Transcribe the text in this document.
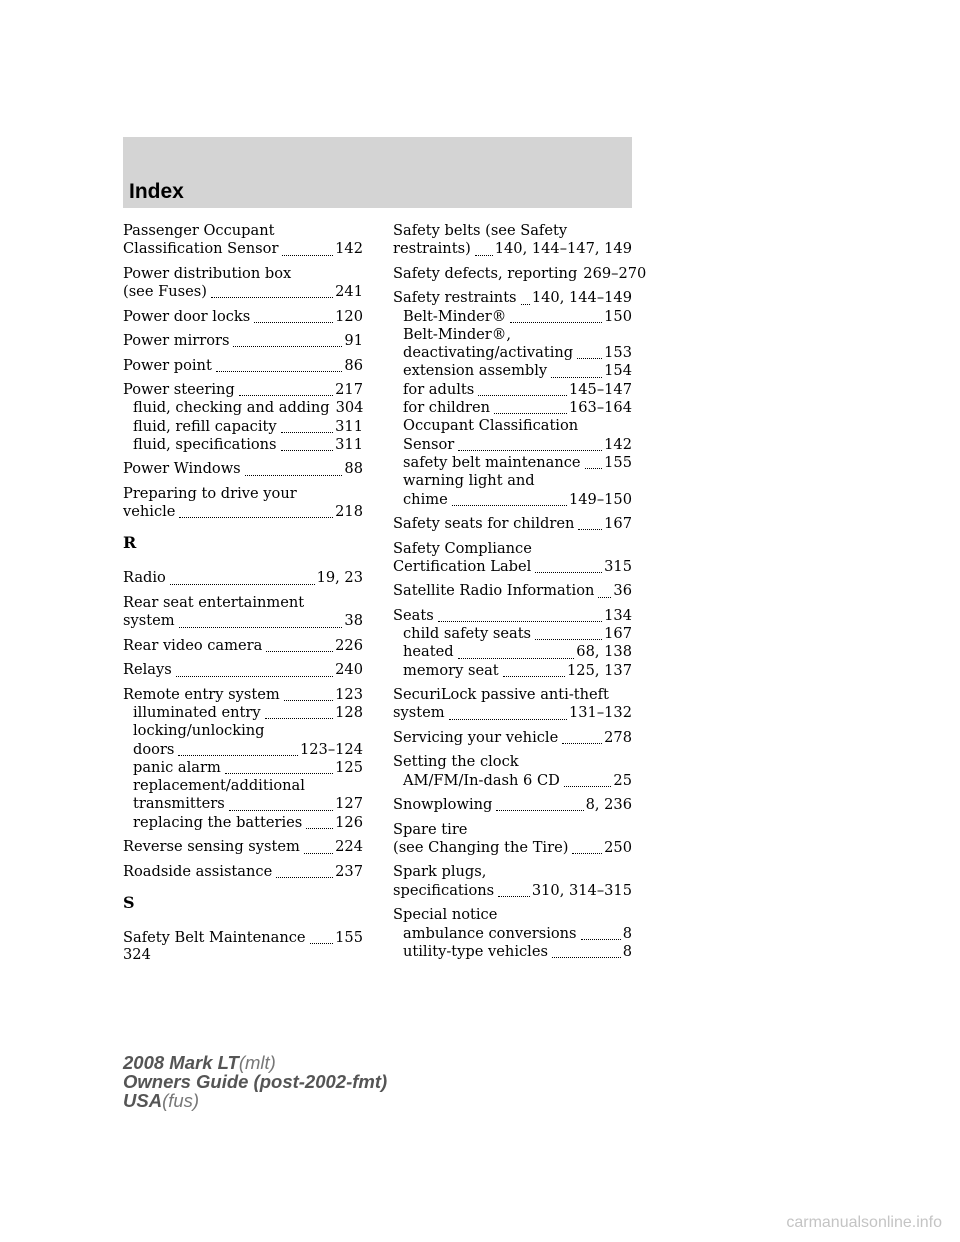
Index
Passenger Occupant
Classification Sensor	142
Power distribution box
(see Fuses)	241
Power door locks	120
Power mirrors	91
Power point	86
Power steering	217
fluid, checking and adding 304
fluid, refill capacity	311
fluid, specifications	311
Power Windows	88
Preparing to drive your
vehicle	218
R
Radio	19, 23
Rear seat entertainment
system	38
Rear video camera	226
Relays	240
Remote entry system	123
illuminated entry	128
locking/unlocking
doors	123–124
panic alarm	125
replacement/additional
transmitters	127
replacing the batteries 126
Reverse sensing system 224
Roadside assistance	237
S
Safety Belt Maintenance 155
Safety belts (see Safety
restraints) 140, 144–147, 149
Safety defects, reporting 269–270
Safety restraints 140, 144–149
Belt-Minder®	150
Belt-Minder®,
deactivating/activating 153
extension assembly	154
for adults	145–147
for children	163–164
Occupant Classification
Sensor	142
safety belt maintenance 155
warning light and
chime	149–150
Safety seats for children 167
Safety Compliance
Certification Label	315
Satellite Radio Information 36
Seats	134
child safety seats	167
heated	68, 138
memory seat	125, 137
SecuriLock passive anti-theft
system	131–132
Servicing your vehicle	278
Setting the clock
AM/FM/In-dash 6 CD	25
Snowplowing	8, 236
Spare tire
(see Changing the Tire) 250
Spark plugs,
specifications	310, 314–315
Special notice
ambulance conversions	8
utility-type vehicles	8
324
2008 Mark LT(mlt)
Owners Guide (post-2002-fmt)
USA(fus)
carmanualsonline.info
